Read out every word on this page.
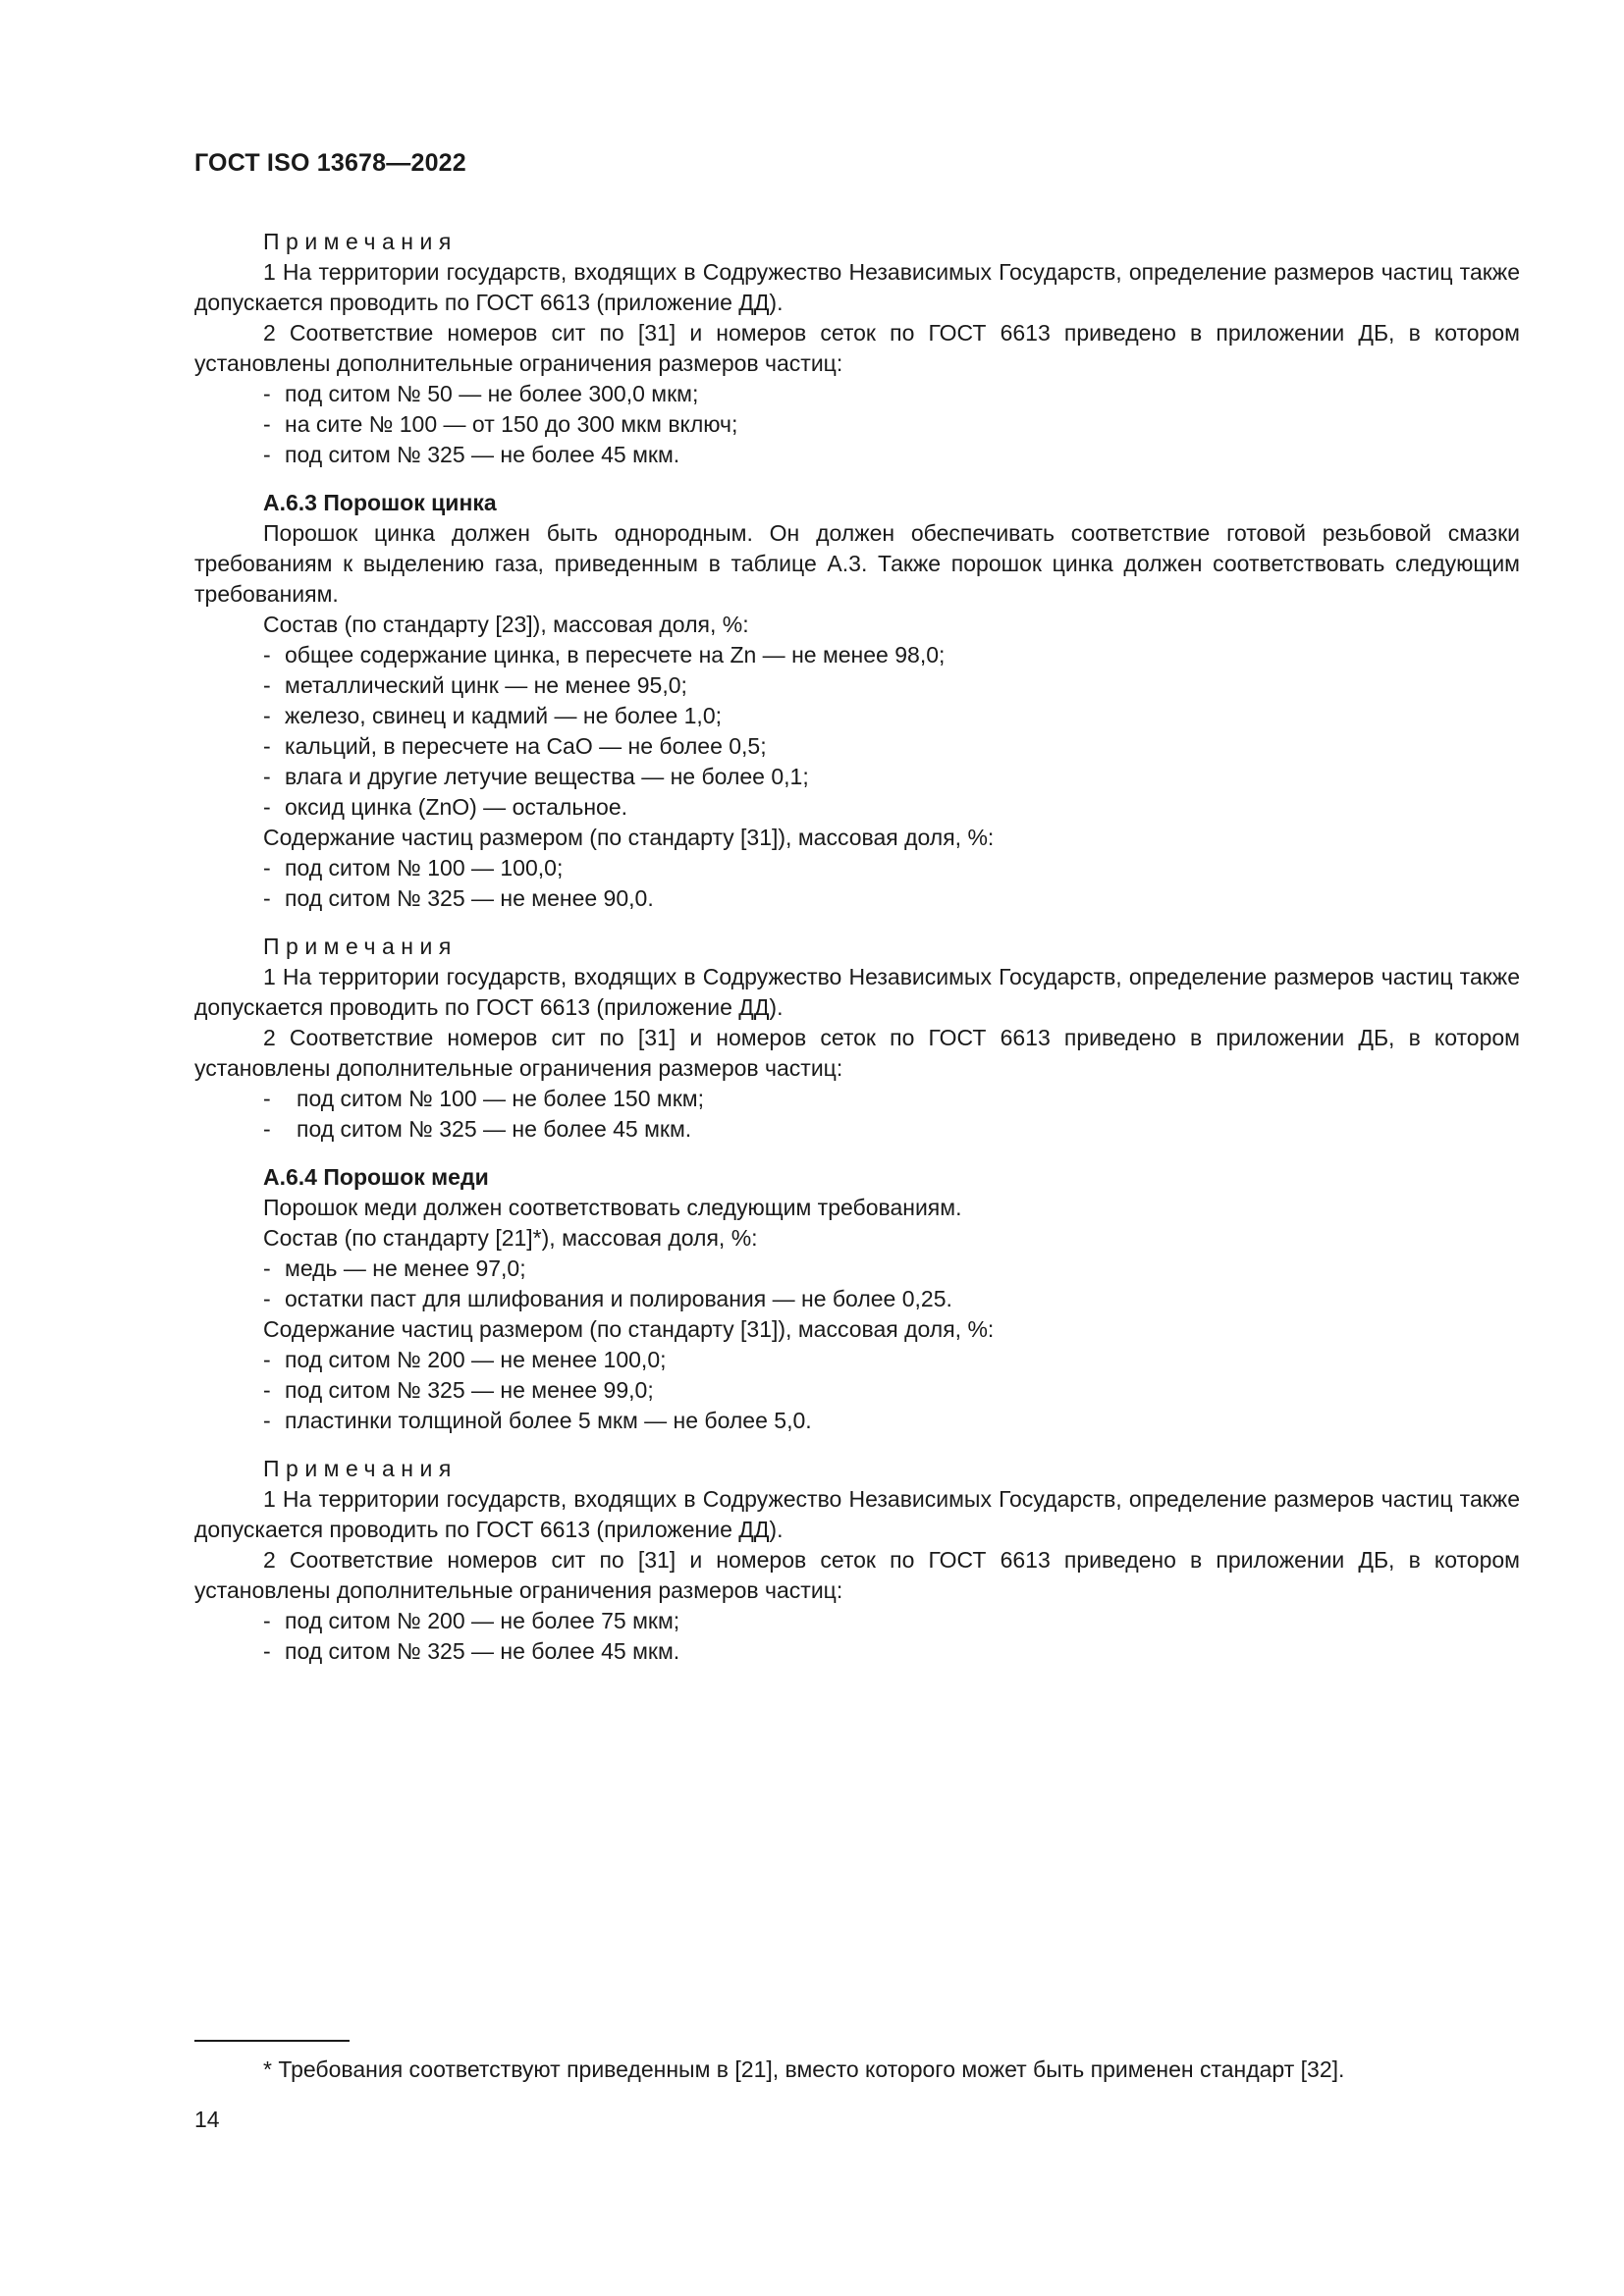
ГОСТ ISO 13678—2022

Примечания

1 На территории государств, входящих в Содружество Независимых Государств, определение размеров частиц также допускается проводить по ГОСТ 6613 (приложение ДД).

2 Соответствие номеров сит по [31] и номеров сеток по ГОСТ 6613 приведено в приложении ДБ, в котором установлены дополнительные ограничения размеров частиц:

- под ситом № 50 — не более 300,0 мкм;

- на сите № 100 — от 150 до 300 мкм включ;

- под ситом № 325 — не более 45 мкм.

А.6.3 Порошок цинка

Порошок цинка должен быть однородным. Он должен обеспечивать соответствие готовой резьбовой смазки требованиям к выделению газа, приведенным в таблице А.3. Также порошок цинка должен соответствовать следующим требованиям.

Состав (по стандарту [23]), массовая доля, %:

- общее содержание цинка, в пересчете на Zn — не менее 98,0;

- металлический цинк — не менее 95,0;

- железо, свинец и кадмий — не более 1,0;

- кальций, в пересчете на CaO — не более 0,5;

- влага и другие летучие вещества — не более 0,1;

- оксид цинка (ZnO) — остальное.

Содержание частиц размером (по стандарту [31]), массовая доля, %:

- под ситом № 100 — 100,0;

- под ситом № 325 — не менее 90,0.

Примечания

1 На территории государств, входящих в Содружество Независимых Государств, определение размеров частиц также допускается проводить по ГОСТ 6613 (приложение ДД).

2 Соответствие номеров сит по [31] и номеров сеток по ГОСТ 6613 приведено в приложении ДБ, в котором установлены дополнительные ограничения размеров частиц:

- под ситом № 100 — не более 150 мкм;

- под ситом № 325 — не более 45 мкм.

А.6.4 Порошок меди

Порошок меди должен соответствовать следующим требованиям.

Состав (по стандарту [21]*), массовая доля, %:

- медь — не менее 97,0;

- остатки паст для шлифования и полирования — не более 0,25.

Содержание частиц размером (по стандарту [31]), массовая доля, %:

- под ситом № 200 — не менее 100,0;

- под ситом № 325 — не менее 99,0;

- пластинки толщиной более 5 мкм — не более 5,0.

Примечания

1 На территории государств, входящих в Содружество Независимых Государств, определение размеров частиц также допускается проводить по ГОСТ 6613 (приложение ДД).

2 Соответствие номеров сит по [31] и номеров сеток по ГОСТ 6613 приведено в приложении ДБ, в котором установлены дополнительные ограничения размеров частиц:

- под ситом № 200 — не более 75 мкм;

- под ситом № 325 — не более 45 мкм.

* Требования соответствуют приведенным в [21], вместо которого может быть применен стандарт [32].
14
